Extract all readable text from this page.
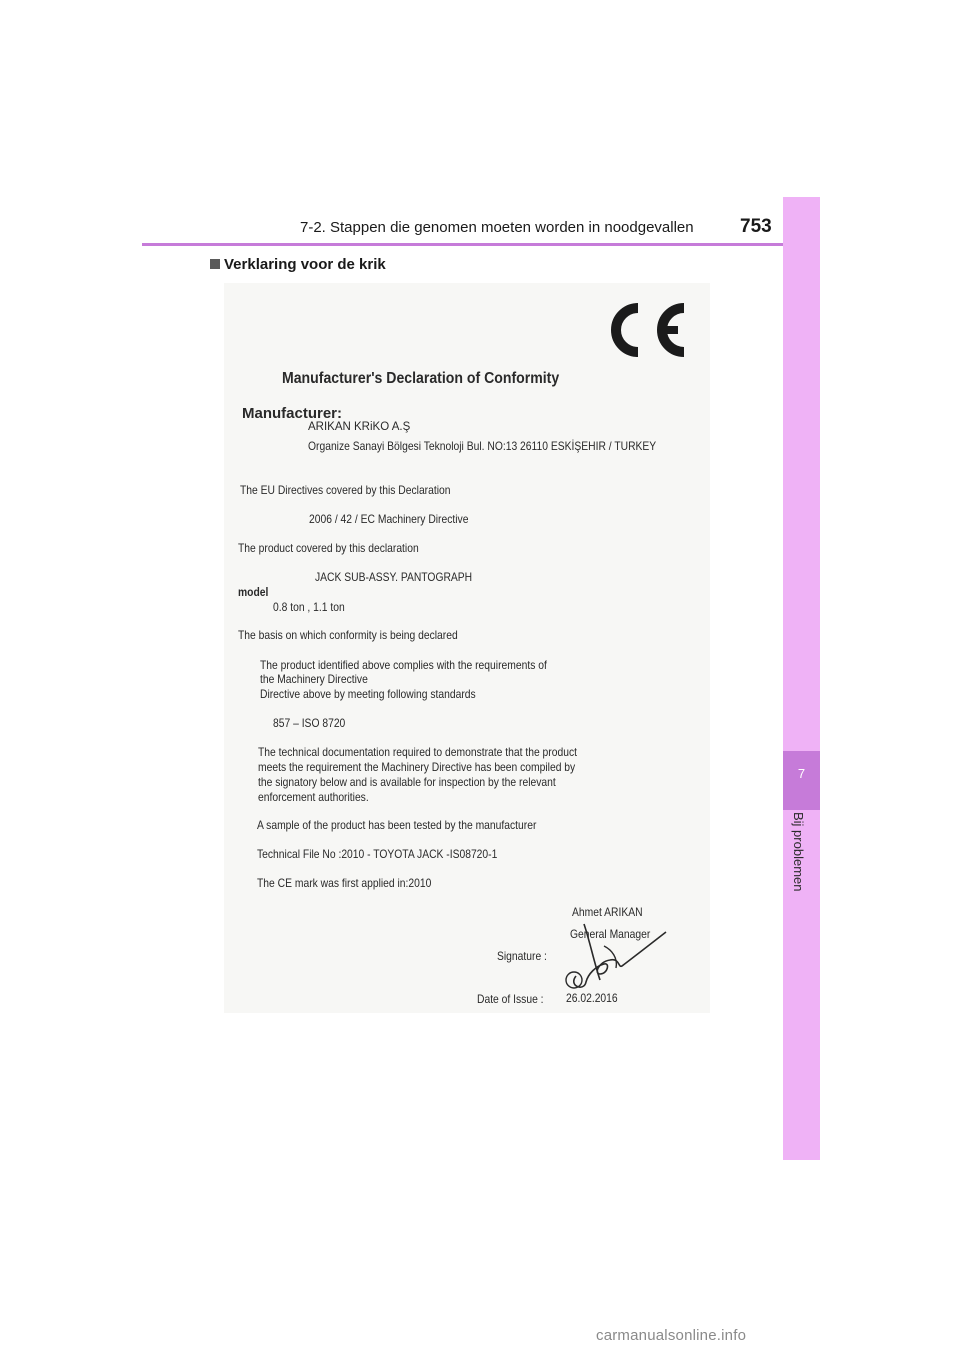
7-2. Stappen die genomen moeten worden in noodgevallen 753
7
Bij problemen
Verklaring voor de krik
Manufacturer's Declaration of Conformity
Manufacturer:
ARIKAN KRiKO A.Ş
Organize Sanayi Bölgesi Teknoloji Bul. NO:13 26110 ESKİŞEHIR / TURKEY
The EU Directives covered by this Declaration
2006 / 42 / EC Machinery Directive
The product covered by this declaration
JACK SUB-ASSY. PANTOGRAPH
model
0.8 ton , 1.1 ton
The basis on which conformity is being declared
The product identified above complies with the requirements of
the Machinery Directive
Directive above by meeting following standards
857 – ISO 8720
The technical documentation required to demonstrate that the product
meets the requirement the Machinery Directive has been compiled by
the signatory below and is available for inspection by the relevant
enforcement authorities.
A sample of the product has been tested by the manufacturer
Technical File No :2010 - TOYOTA JACK -IS08720-1
The CE mark was first applied in:2010
Ahmet ARIKAN
General Manager
Signature :
Date of Issue : 26.02.2016
carmanualsonline.info
